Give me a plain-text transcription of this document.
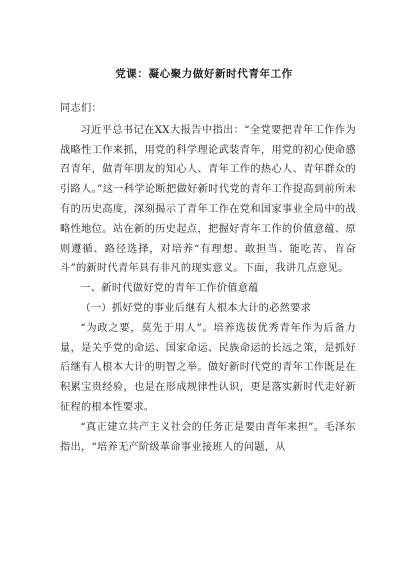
党课：凝心聚力做好新时代青年工作

同志们：

习近平总书记在XX大报告中指出：“全党要把青年工作作为战略性工作来抓，用党的科学理论武装青年，用党的初心使命感召青年，做青年朋友的知心人、青年工作的热心人、青年群众的引路人。”这一科学论断把做好新时代党的青年工作提高到前所未有的历史高度，深刻揭示了青年工作在党和国家事业全局中的战略性地位。站在新的历史起点，把握好青年工作的价值意蕴、原则遵循、路径选择，对培养“有理想、敢担当、能吃苦、肯奋斗”的新时代青年具有非凡的现实意义。下面，我讲几点意见。

一、新时代做好党的青年工作价值意蕴

（一）抓好党的事业后继有人根本大计的必然要求

“为政之要，莫先于用人”。培养选拔优秀青年作为后备力量，是关乎党的命运、国家命运、民族命运的长远之策，是抓好后继有人根本大计的明智之举。做好新时代党的青年工作既是在积累宝贵经验，也是在形成规律性认识，更是落实新时代走好新征程的根本性要求。

“真正建立共产主义社会的任务正是要由青年来担”。毛泽东指出，“培养无产阶级革命事业接班人的问题，从
